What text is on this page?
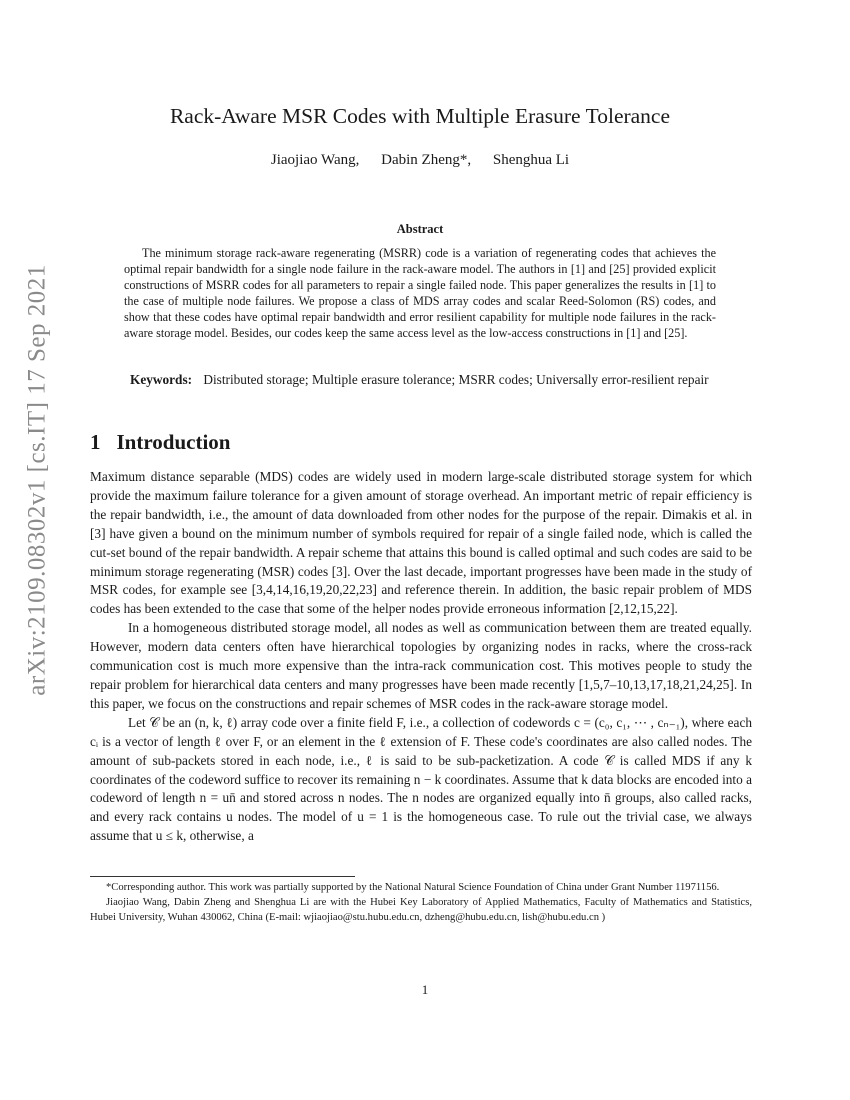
arXiv:2109.08302v1 [cs.IT] 17 Sep 2021
Rack-Aware MSR Codes with Multiple Erasure Tolerance
Jiaojiao Wang, Dabin Zheng*, Shenghua Li
Abstract

The minimum storage rack-aware regenerating (MSRR) code is a variation of regenerating codes that achieves the optimal repair bandwidth for a single node failure in the rack-aware model. The authors in [1] and [25] provided explicit constructions of MSRR codes for all parameters to repair a single failed node. This paper generalizes the results in [1] to the case of multiple node failures. We propose a class of MDS array codes and scalar Reed-Solomon (RS) codes, and show that these codes have optimal repair bandwidth and error resilient capability for multiple node failures in the rack-aware storage model. Besides, our codes keep the same access level as the low-access constructions in [1] and [25].

Keywords: Distributed storage; Multiple erasure tolerance; MSRR codes; Universally error-resilient repair

1 Introduction

Maximum distance separable (MDS) codes are widely used in modern large-scale distributed storage system for which provide the maximum failure tolerance for a given amount of storage overhead. An important metric of repair efficiency is the repair bandwidth, i.e., the amount of data downloaded from other nodes for the purpose of the repair. Dimakis et al. in [3] have given a bound on the minimum number of symbols required for repair of a single failed node, which is called the cut-set bound of the repair bandwidth. A repair scheme that attains this bound is called optimal and such codes are said to be minimum storage regenerating (MSR) codes [3]. Over the last decade, important progresses have been made in the study of MSR codes, for example see [3,4,14,16,19,20,22,23] and reference therein. In addition, the basic repair problem of MDS codes has been extended to the case that some of the helper nodes provide erroneous information [2,12,15,22].

In a homogeneous distributed storage model, all nodes as well as communication between them are treated equally. However, modern data centers often have hierarchical topologies by organizing nodes in racks, where the cross-rack communication cost is much more expensive than the intra-rack communication cost. This motives people to study the repair problem for hierarchical data centers and many progresses have been made recently [1,5,7–10,13,17,18,21,24,25]. In this paper, we focus on the constructions and repair schemes of MSR codes in the rack-aware storage model.

Let 𝒞 be an (n, k, ℓ) array code over a finite field F, i.e., a collection of codewords c = (c₀, c₁, ⋯ , cₙ₋₁), where each cᵢ is a vector of length ℓ over F, or an element in the ℓ extension of F. These code's coordinates are also called nodes. The amount of sub-packets stored in each node, i.e., ℓ is said to be sub-packetization. A code 𝒞 is called MDS if any k coordinates of the codeword suffice to recover its remaining n − k coordinates. Assume that k data blocks are encoded into a codeword of length n = un̄ and stored across n nodes. The n nodes are organized equally into n̄ groups, also called racks, and every rack contains u nodes. The model of u = 1 is the homogeneous case. To rule out the trivial case, we always assume that u ≤ k, otherwise, a

*Corresponding author. This work was partially supported by the National Natural Science Foundation of China under Grant Number 11971156.

Jiaojiao Wang, Dabin Zheng and Shenghua Li are with the Hubei Key Laboratory of Applied Mathematics, Faculty of Mathematics and Statistics, Hubei University, Wuhan 430062, China (E-mail: wjiaojiao@stu.hubu.edu.cn, dzheng@hubu.edu.cn, lish@hubu.edu.cn )

1
